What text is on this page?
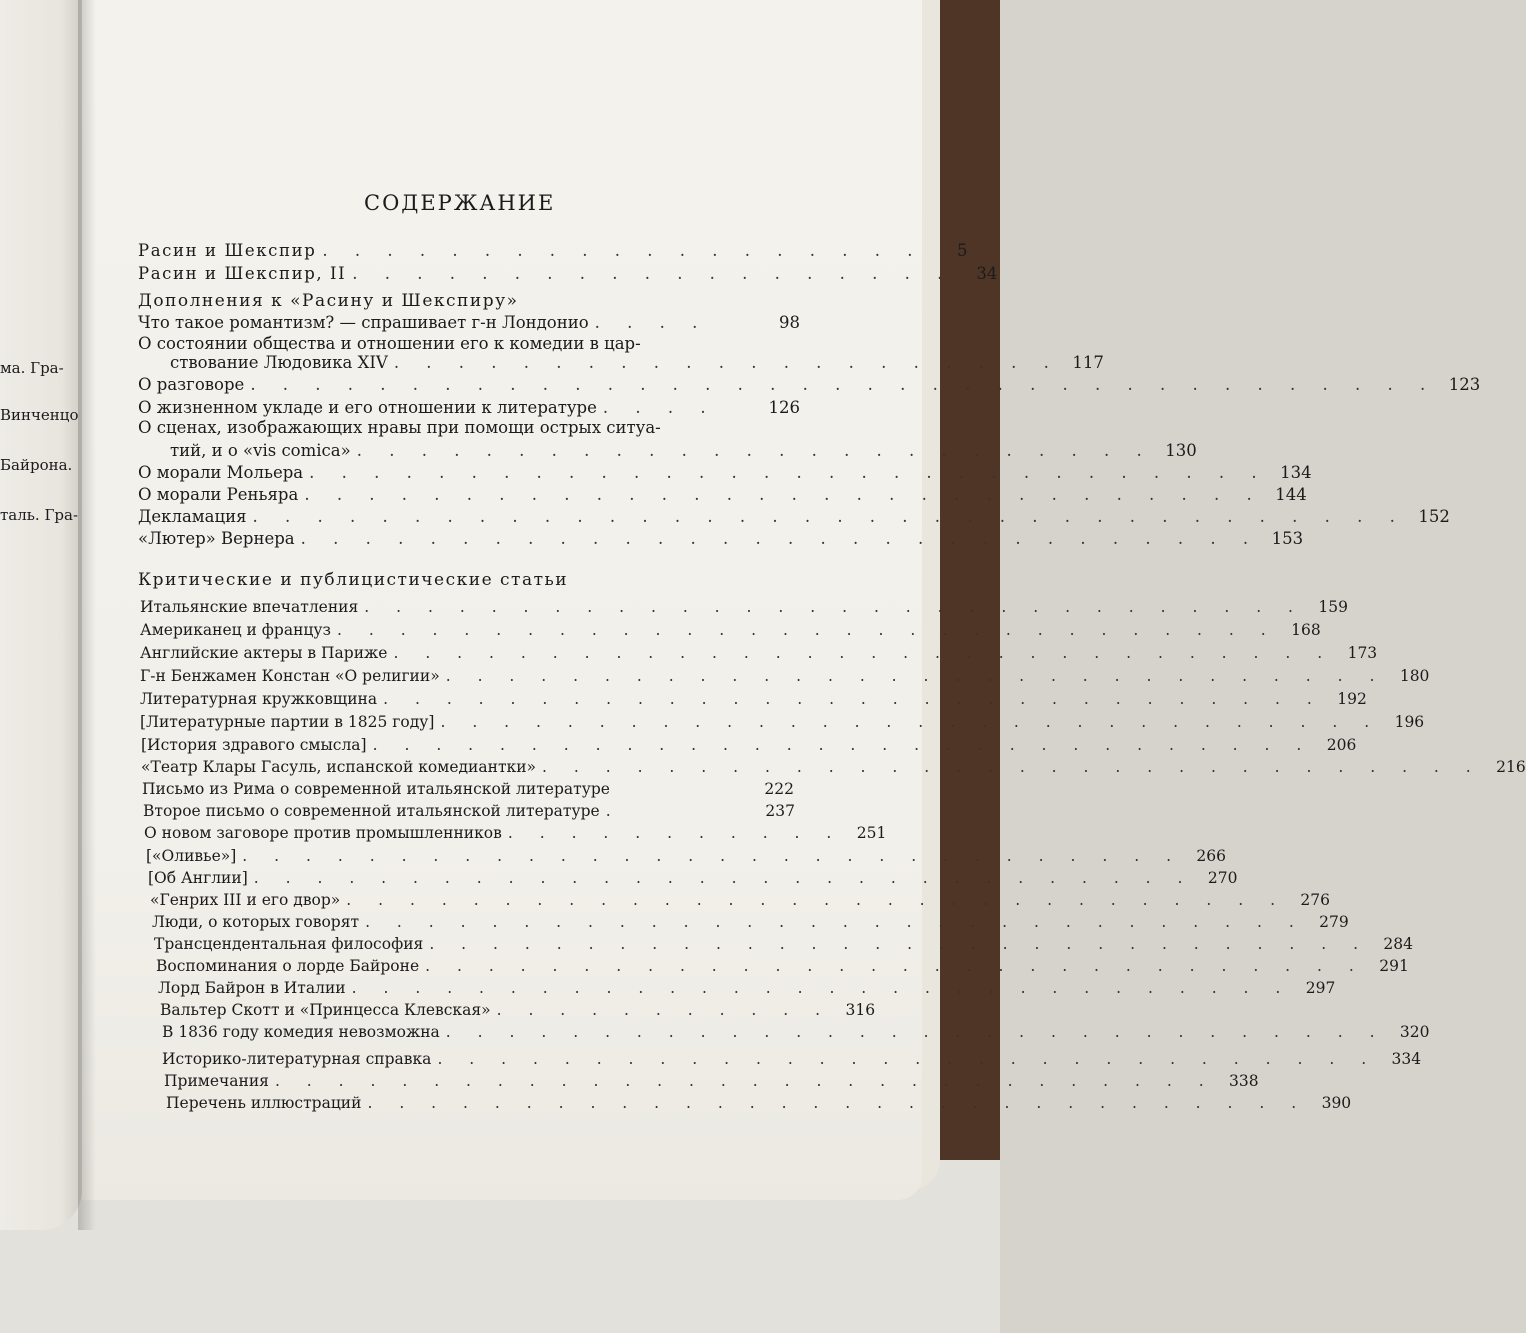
ма. Гра-
Винченцо
Байрона.
таль. Гра-
СОДЕРЖАНИЕ
Расин и Шекспир . . . . . . . . . . . . . . . . . . .	5
Расин и Шекспир, II . . . . . . . . . . . . . . . . . . .	34
Дополнения к «Расину и Шекспиру»
Что такое романтизм? — спрашивает г-н Лондонио . . . .	98
О состоянии общества и отношении его к комедии в цар-
ствование Людовика XIV . . . . . . . . . . . . . . . . . . . . . 117
О разговоре . . . . . . . . . . . . . . . . . . . . . . . . . . . . . . . . . . . . . 123
О жизненном укладе и его отношении к литературе . . . .	126
О сценах, изображающих нравы при помощи острых ситуа-
тий, и о «vis comica» . . . . . . . . . . . . . . . . . . . . . . . . . 130
О морали Мольера . . . . . . . . . . . . . . . . . . . . . . . . . . . . . . 134
О морали Реньяра . . . . . . . . . . . . . . . . . . . . . . . . . . . . . . 144
Декламация . . . . . . . . . . . . . . . . . . . . . . . . . . . . . . . . . . . . 152
«Лютер» Вернера . . . . . . . . . . . . . . . . . . . . . . . . . . . . . . 153
Критические и публицистические статьи
Итальянские впечатления . . . . . . . . . . . . . . . . . . . . . . . . . . . . . . 159
Американец и француз . . . . . . . . . . . . . . . . . . . . . . . . . . . . . . 168
Английские актеры в Париже . . . . . . . . . . . . . . . . . . . . . . . . . . . . . . 173
Г-н Бенжамен Констан «О религии» . . . . . . . . . . . . . . . . . . . . . . . . . . . . . . 180
Литературная кружковщина . . . . . . . . . . . . . . . . . . . . . . . . . . . . . . 192
[Литературные партии в 1825 году] . . . . . . . . . . . . . . . . . . . . . . . . . . . . . . 196
[История здравого смысла] . . . . . . . . . . . . . . . . . . . . . . . . . . . . . . 206
«Театр Клары Гасуль, испанской комедиантки» . . . . . . . . . . . . . . . . . . . . . . . . . . . . . . 216
Письмо из Рима о современной итальянской литературе	222
Второе письмо о современной итальянской литературе .	237
О новом заговоре против промышленников . . . . . . . . . . . 251
[«Оливье»] . . . . . . . . . . . . . . . . . . . . . . . . . . . . . . 266
[Об Англии] . . . . . . . . . . . . . . . . . . . . . . . . . . . . . . 270
«Генрих III и его двор» . . . . . . . . . . . . . . . . . . . . . . . . . . . . . . 276
Люди, о которых говорят . . . . . . . . . . . . . . . . . . . . . . . . . . . . . . 279
Трансцендентальная философия . . . . . . . . . . . . . . . . . . . . . . . . . . . . . . 284
Воспоминания о лорде Байроне . . . . . . . . . . . . . . . . . . . . . . . . . . . . . . 291
Лорд Байрон в Италии . . . . . . . . . . . . . . . . . . . . . . . . . . . . . . 297
Вальтер Скотт и «Принцесса Клевская» . . . . . . . . . . . 316
В 1836 году комедия невозможна . . . . . . . . . . . . . . . . . . . . . . . . . . . . . . 320
Историко-литературная справка . . . . . . . . . . . . . . . . . . . . . . . . . . . . . . 334
Примечания . . . . . . . . . . . . . . . . . . . . . . . . . . . . . . 338
Перечень иллюстраций . . . . . . . . . . . . . . . . . . . . . . . . . . . . . . 390
